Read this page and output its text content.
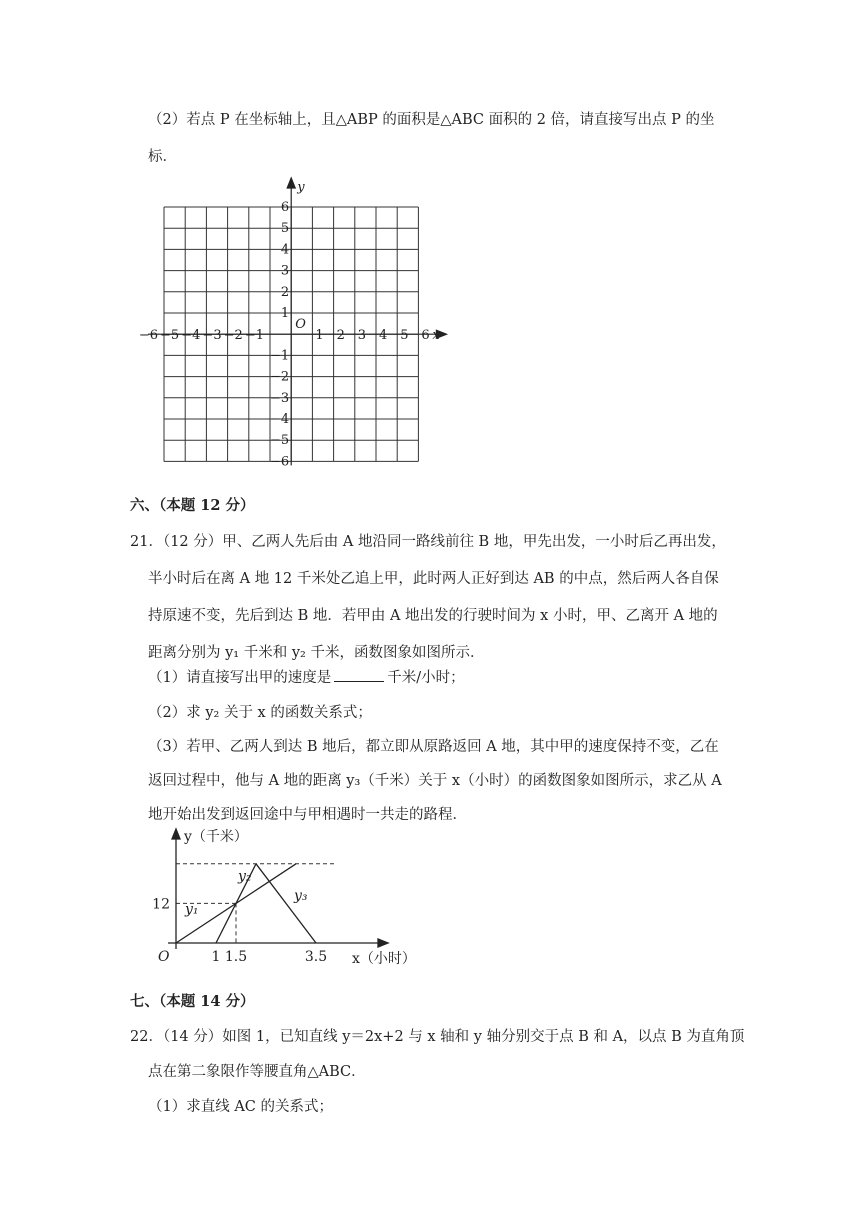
（2）若点 P 在坐标轴上，且△ABP 的面积是△ABC 面积的 2 倍，请直接写出点 P 的坐
标．
x
y
O
−6 −5 −4 −3 −2 −1	1 2 3 4 5 6
6
5
4
3
2
1
−1
−2
−3
−4
−5
−6
六、（本题 12 分）
21．（12 分）甲、乙两人先后由 A 地沿同一路线前往 B 地，甲先出发，一小时后乙再出发，
半小时后在离 A 地 12 千米处乙追上甲，此时两人正好到达 AB 的中点，然后两人各自保
持原速不变，先后到达 B 地．若甲由 A 地出发的行驶时间为 x 小时，甲、乙离开 A 地的
距离分别为 y₁ 千米和 y₂ 千米，函数图象如图所示．
（1）请直接写出甲的速度是	千米/小时；
（2）求 y₂ 关于 x 的函数关系式；
（3）若甲、乙两人到达 B 地后，都立即从原路返回 A 地，其中甲的速度保持不变，乙在
返回过程中，他与 A 地的距离 y₃（千米）关于 x（小时）的函数图象如图所示，求乙从 A
地开始出发到返回途中与甲相遇时一共走的路程．
y₁
y₂
y₃
1 1.5	3.5
12
y（千米）
x（小时）
O
七、（本题 14 分）
22．（14 分）如图 1，已知直线 y＝2x+2 与 x 轴和 y 轴分别交于点 B 和 A，以点 B 为直角顶
点在第二象限作等腰直角△ABC．
（1）求直线 AC 的关系式；
